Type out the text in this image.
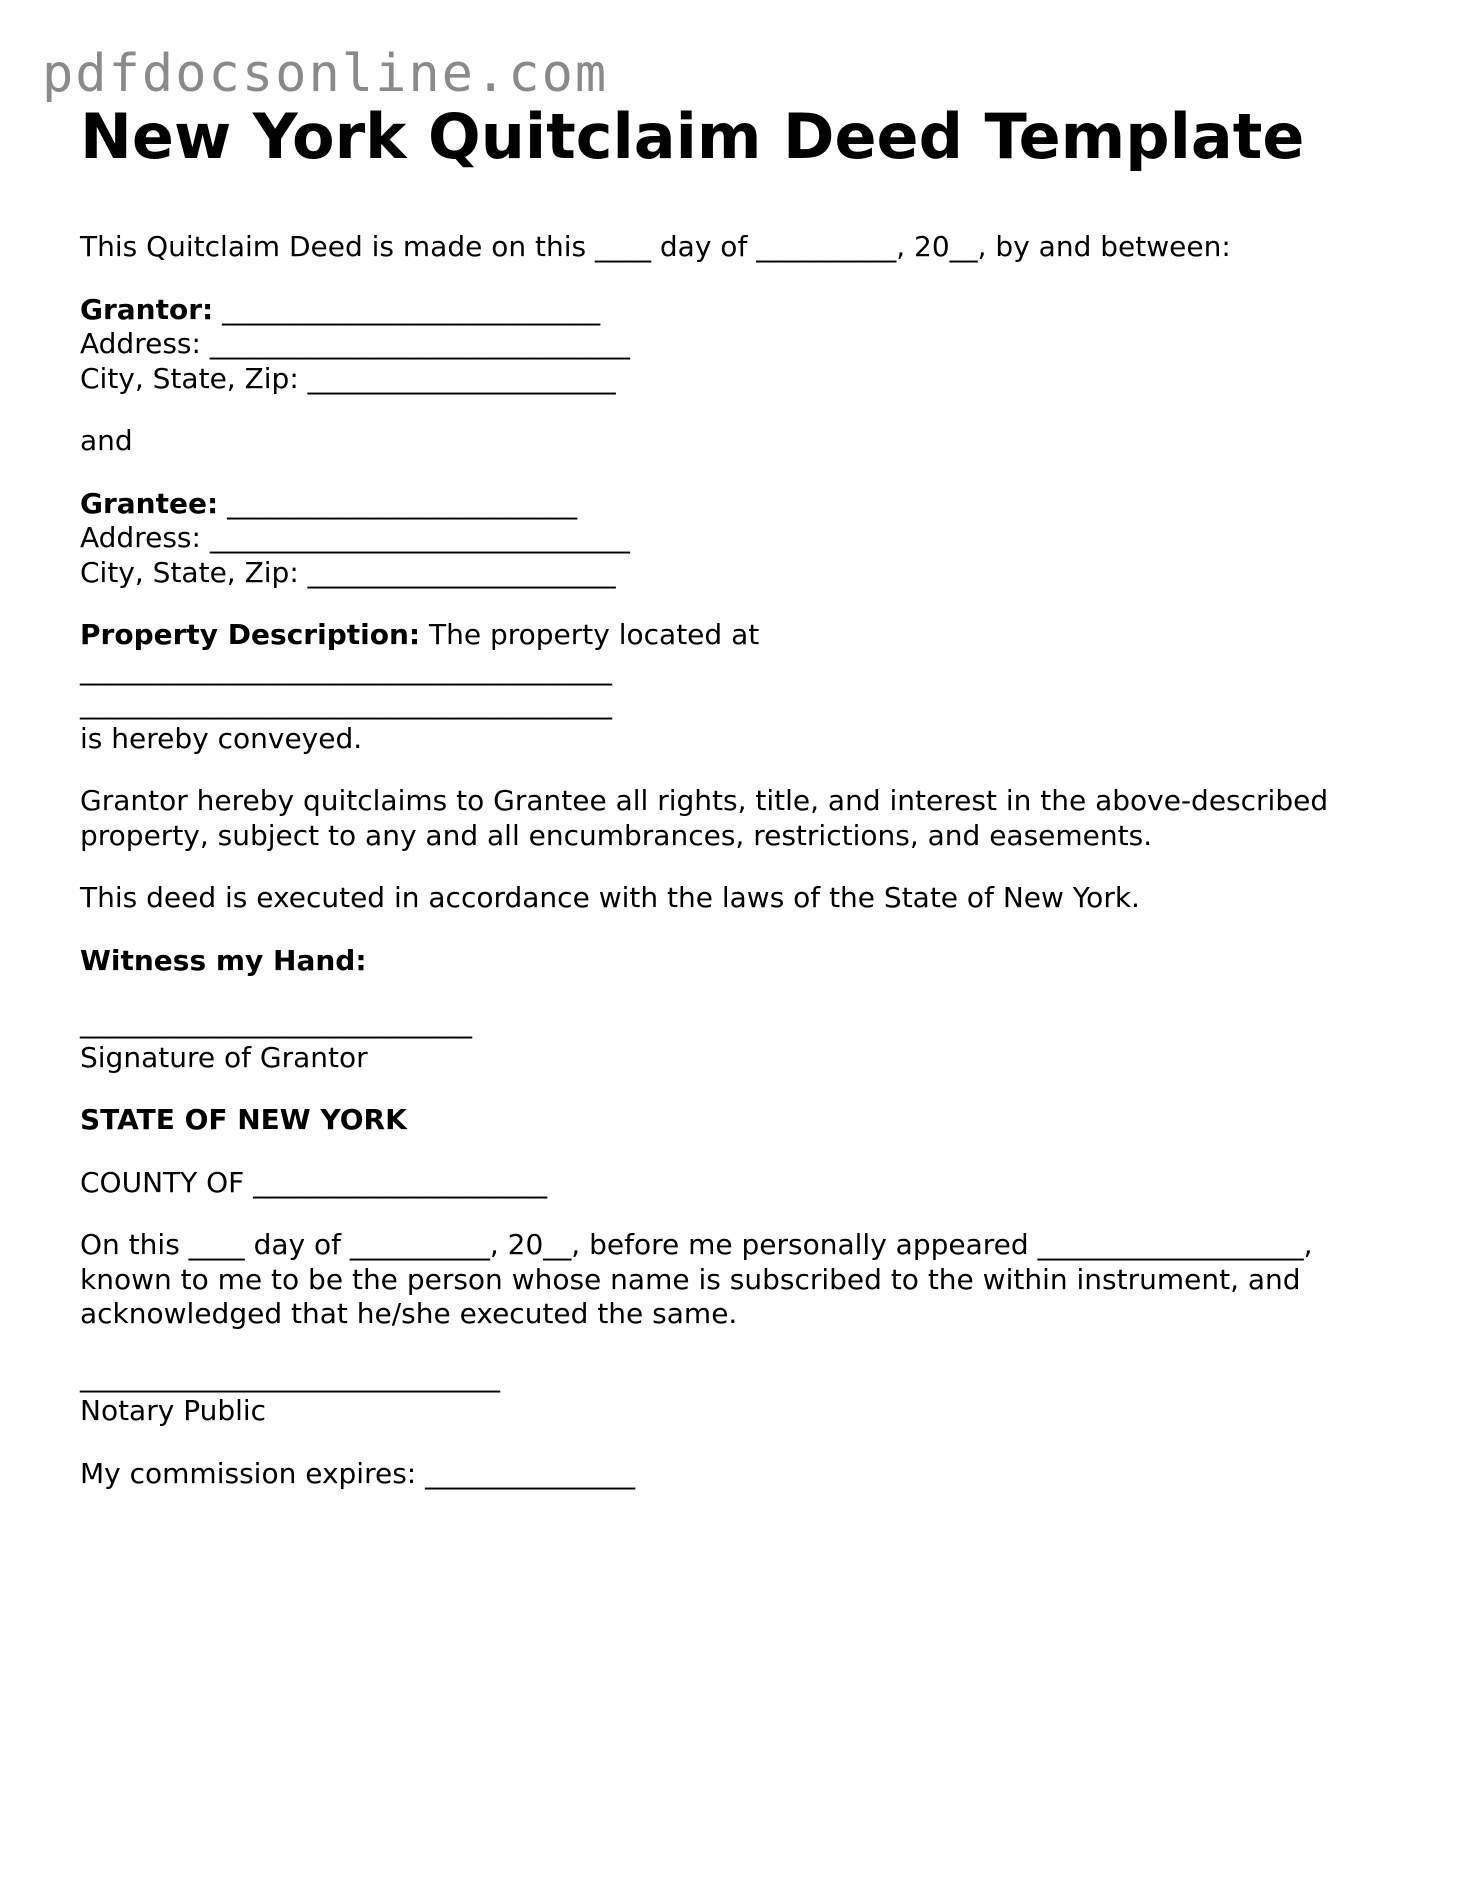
pdfdocsonline.com
New York Quitclaim Deed Template

This Quitclaim Deed is made on this ____ day of __________, 20__, by and between:

Grantor: ___________________________
Address: ______________________________
City, State, Zip: ______________________

and

Grantee: _________________________
Address: ______________________________
City, State, Zip: ______________________

Property Description: The property located at
______________________________________
______________________________________
is hereby conveyed.

Grantor hereby quitclaims to Grantee all rights, title, and interest in the above-described
property, subject to any and all encumbrances, restrictions, and easements.

This deed is executed in accordance with the laws of the State of New York.

Witness my Hand:

____________________________
Signature of Grantor

STATE OF NEW YORK

COUNTY OF _____________________

On this ____ day of __________, 20__, before me personally appeared ___________________,
known to me to be the person whose name is subscribed to the within instrument, and
acknowledged that he/she executed the same.

______________________________
Notary Public

My commission expires: _______________
